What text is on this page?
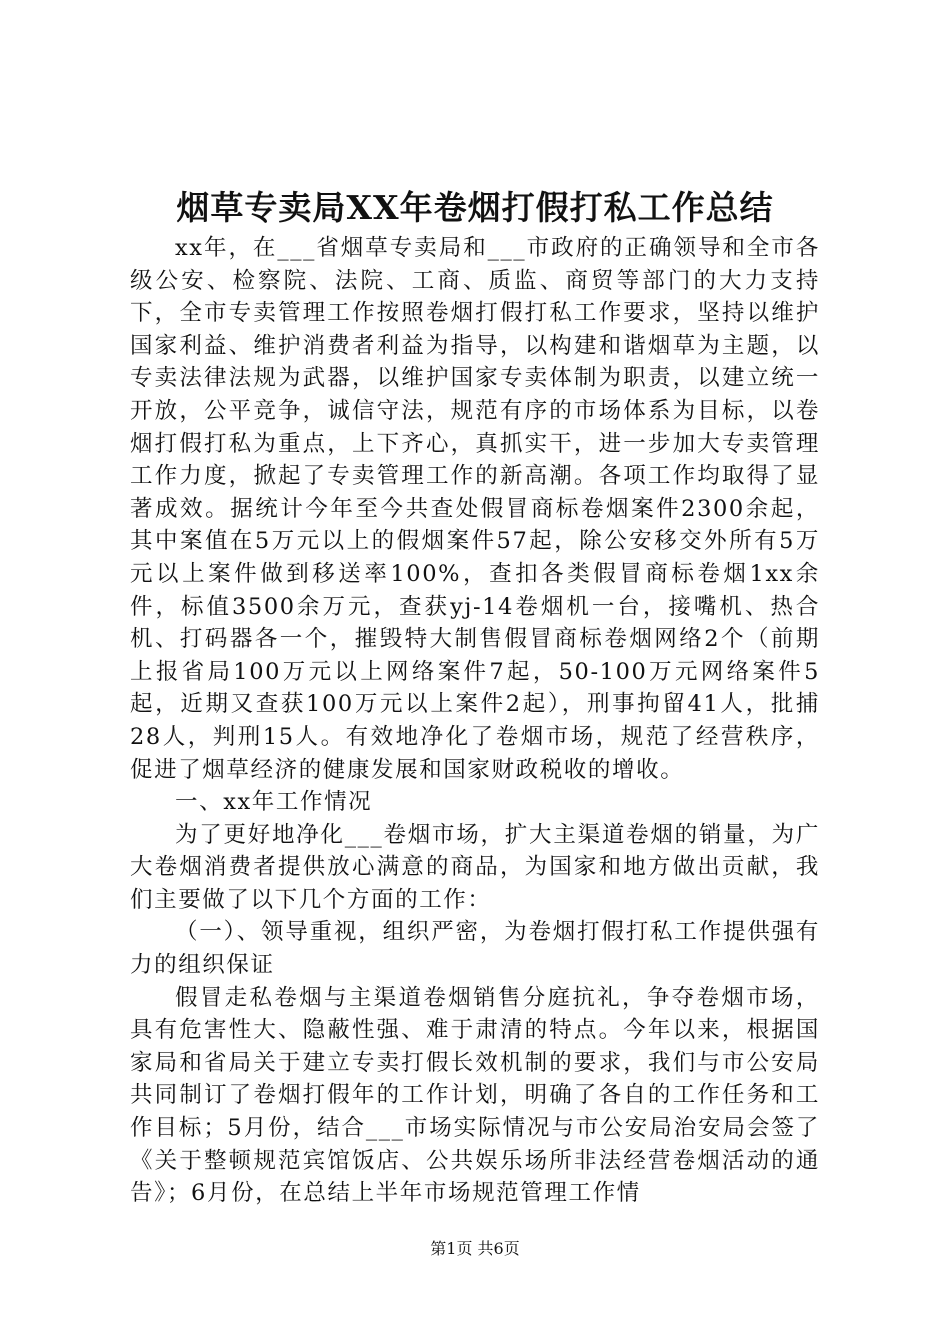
烟草专卖局XX年卷烟打假打私工作总结

xx年，在___省烟草专卖局和___市政府的正确领导和全市各级公安、检察院、法院、工商、质监、商贸等部门的大力支持下，全市专卖管理工作按照卷烟打假打私工作要求，坚持以维护国家利益、维护消费者利益为指导，以构建和谐烟草为主题，以专卖法律法规为武器，以维护国家专卖体制为职责，以建立统一开放，公平竞争，诚信守法，规范有序的市场体系为目标，以卷烟打假打私为重点，上下齐心，真抓实干，进一步加大专卖管理工作力度，掀起了专卖管理工作的新高潮。各项工作均取得了显著成效。据统计今年至今共查处假冒商标卷烟案件2300余起，其中案值在5万元以上的假烟案件57起，除公安移交外所有5万元以上案件做到移送率100%，查扣各类假冒商标卷烟1xx余件，标值3500余万元，查获yj-14卷烟机一台，接嘴机、热合机、打码器各一个，摧毁特大制售假冒商标卷烟网络2个（前期上报省局100万元以上网络案件7起，50-100万元网络案件5起，近期又查获100万元以上案件2起），刑事拘留41人，批捕28人，判刑15人。有效地净化了卷烟市场，规范了经营秩序，促进了烟草经济的健康发展和国家财政税收的增收。

一、xx年工作情况

为了更好地净化___卷烟市场，扩大主渠道卷烟的销量，为广大卷烟消费者提供放心满意的商品，为国家和地方做出贡献，我们主要做了以下几个方面的工作：

（一）、领导重视，组织严密，为卷烟打假打私工作提供强有力的组织保证

假冒走私卷烟与主渠道卷烟销售分庭抗礼，争夺卷烟市场，具有危害性大、隐蔽性强、难于肃清的特点。今年以来，根据国家局和省局关于建立专卖打假长效机制的要求，我们与市公安局共同制订了卷烟打假年的工作计划，明确了各自的工作任务和工作目标；5月份，结合___市场实际情况与市公安局治安局会签了《关于整顿规范宾馆饭店、公共娱乐场所非法经营卷烟活动的通告》；6月份，在总结上半年市场规范管理工作情

第1页 共6页
